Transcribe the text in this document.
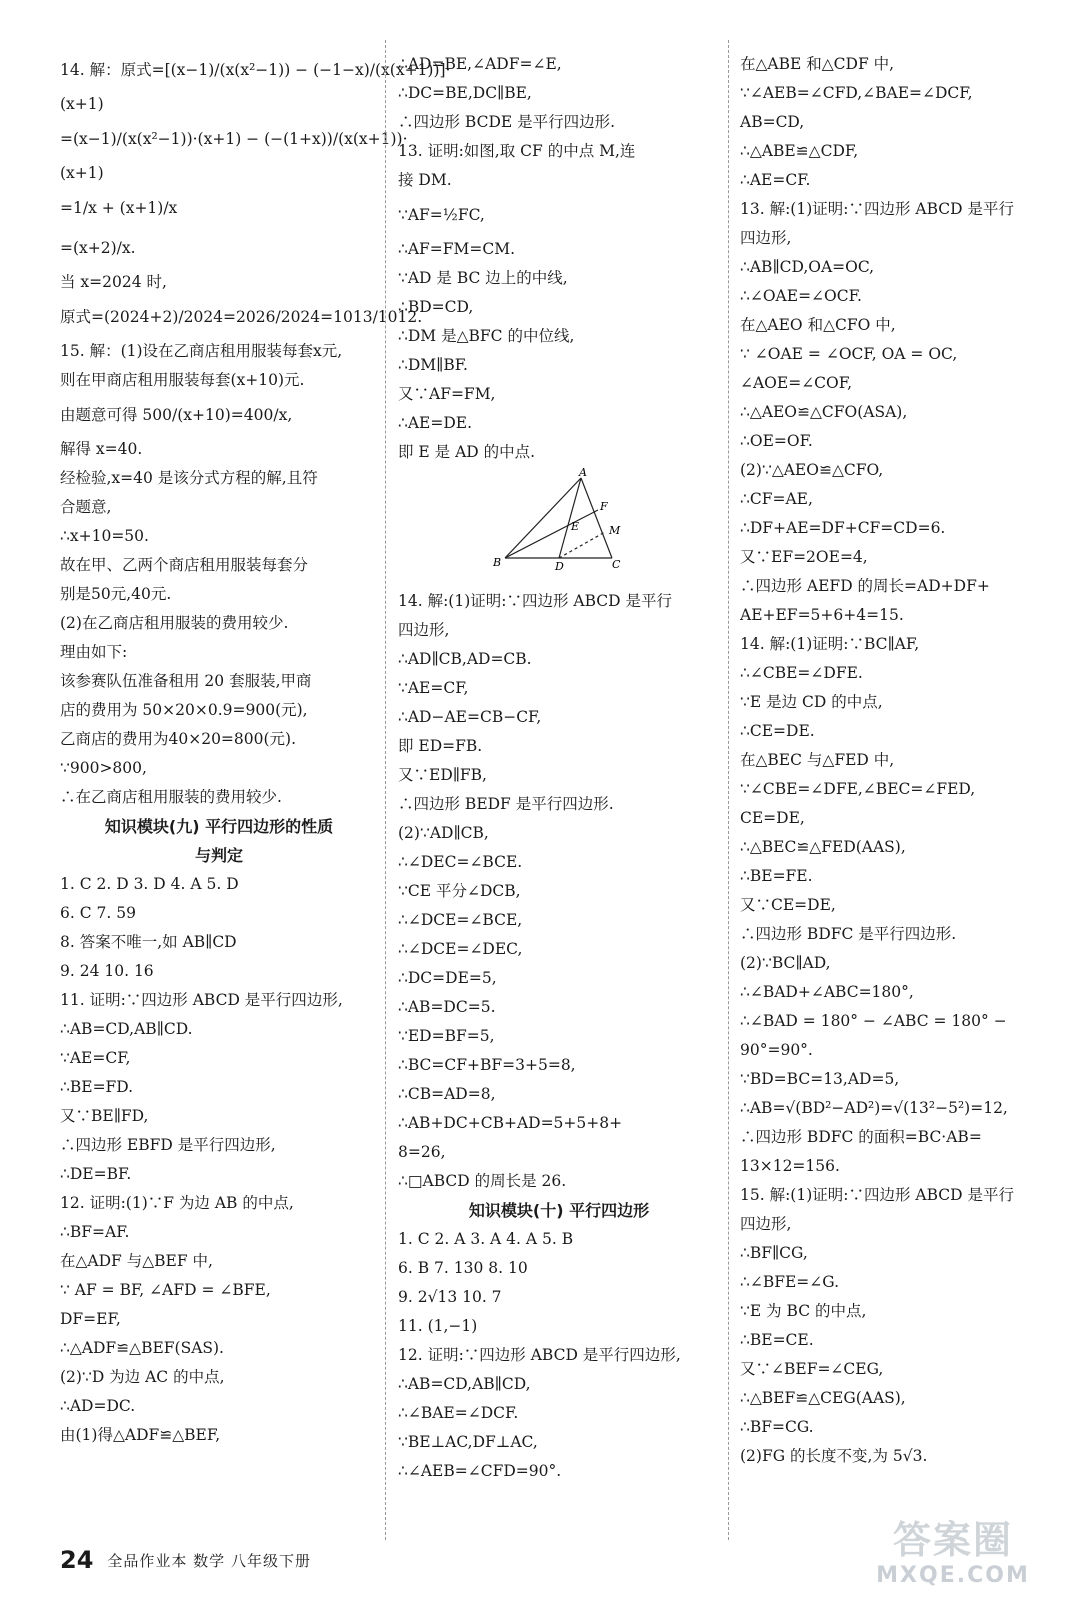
14. 解：原式=[(x−1)/(x(x²−1)) − (−1−x)/(x(x+1))]·
(x+1)
=(x−1)/(x(x²−1))·(x+1) − (−(1+x))/(x(x+1))·
(x+1)
=1/x + (x+1)/x
=(x+2)/x.
当 x=2024 时,
原式=(2024+2)/2024=2026/2024=1013/1012.
15. 解：(1)设在乙商店租用服装每套x元,
则在甲商店租用服装每套(x+10)元.
由题意可得 500/(x+10)=400/x,
解得 x=40.
经检验,x=40 是该分式方程的解,且符
合题意,
∴x+10=50.
故在甲、乙两个商店租用服装每套分
别是50元,40元.
(2)在乙商店租用服装的费用较少.
理由如下:
该参赛队伍准备租用 20 套服装,甲商
店的费用为 50×20×0.9=900(元),
乙商店的费用为40×20=800(元).
∵900>800,
∴在乙商店租用服装的费用较少.
知识模块(九) 平行四边形的性质
与判定
1. C 2. D 3. D 4. A 5. D
6. C 7. 59
8. 答案不唯一,如 AB∥CD
9. 24 10. 16
11. 证明:∵四边形 ABCD 是平行四边形,
∴AB=CD,AB∥CD.
∵AE=CF,
∴BE=FD.
又∵BE∥FD,
∴四边形 EBFD 是平行四边形,
∴DE=BF.
12. 证明:(1)∵F 为边 AB 的中点,
∴BF=AF.
在△ADF 与△BEF 中,
∵ AF = BF, ∠AFD = ∠BFE,
DF=EF,
∴△ADF≌△BEF(SAS).
(2)∵D 为边 AC 的中点,
∴AD=DC.
由(1)得△ADF≌△BEF,
∴AD=BE,∠ADF=∠E,
∴DC=BE,DC∥BE,
∴四边形 BCDE 是平行四边形.
13. 证明:如图,取 CF 的中点 M,连
接 DM.
∵AF=½FC,
∴AF=FM=CM.
∵AD 是 BC 边上的中线,
∴BD=CD,
∴DM 是△BFC 的中位线,
∴DM∥BF.
又∵AF=FM,
∴AE=DE.
即 E 是 AD 的中点.
14. 解:(1)证明:∵四边形 ABCD 是平行
四边形,
∴AD∥CB,AD=CB.
∵AE=CF,
∴AD−AE=CB−CF,
即 ED=FB.
又∵ED∥FB,
∴四边形 BEDF 是平行四边形.
(2)∵AD∥CB,
∴∠DEC=∠BCE.
∵CE 平分∠DCB,
∴∠DCE=∠BCE,
∴∠DCE=∠DEC,
∴DC=DE=5,
∴AB=DC=5.
∵ED=BF=5,
∴BC=CF+BF=3+5=8,
∴CB=AD=8,
∴AB+DC+CB+AD=5+5+8+
8=26,
∴□ABCD 的周长是 26.
知识模块(十) 平行四边形
1. C 2. A 3. A 4. A 5. B
6. B 7. 130 8. 10
9. 2√13 10. 7
11. (1,−1)
12. 证明:∵四边形 ABCD 是平行四边形,
∴AB=CD,AB∥CD,
∴∠BAE=∠DCF.
∵BE⊥AC,DF⊥AC,
∴∠AEB=∠CFD=90°.
在△ABE 和△CDF 中,
∵∠AEB=∠CFD,∠BAE=∠DCF,
AB=CD,
∴△ABE≌△CDF,
∴AE=CF.
13. 解:(1)证明:∵四边形 ABCD 是平行
四边形,
∴AB∥CD,OA=OC,
∴∠OAE=∠OCF.
在△AEO 和△CFO 中,
∵ ∠OAE = ∠OCF, OA = OC,
∠AOE=∠COF,
∴△AEO≌△CFO(ASA),
∴OE=OF.
(2)∵△AEO≌△CFO,
∴CF=AE,
∴DF+AE=DF+CF=CD=6.
又∵EF=2OE=4,
∴四边形 AEFD 的周长=AD+DF+
AE+EF=5+6+4=15.
14. 解:(1)证明:∵BC∥AF,
∴∠CBE=∠DFE.
∵E 是边 CD 的中点,
∴CE=DE.
在△BEC 与△FED 中,
∵∠CBE=∠DFE,∠BEC=∠FED,
CE=DE,
∴△BEC≌△FED(AAS),
∴BE=FE.
又∵CE=DE,
∴四边形 BDFC 是平行四边形.
(2)∵BC∥AD,
∴∠BAD+∠ABC=180°,
∴∠BAD = 180° − ∠ABC = 180° −
90°=90°.
∵BD=BC=13,AD=5,
∴AB=√(BD²−AD²)=√(13²−5²)=12,
∴四边形 BDFC 的面积=BC·AB=
13×12=156.
15. 解:(1)证明:∵四边形 ABCD 是平行
四边形,
∴BF∥CG,
∴∠BFE=∠G.
∵E 为 BC 的中点,
∴BE=CE.
又∵∠BEF=∠CEG,
∴△BEF≌△CEG(AAS),
∴BF=CG.
(2)FG 的长度不变,为 5√3.
A
B	C
D
E
F
M
24 全品作业本 数学 八年级下册	答案圈
MXQE.COM
